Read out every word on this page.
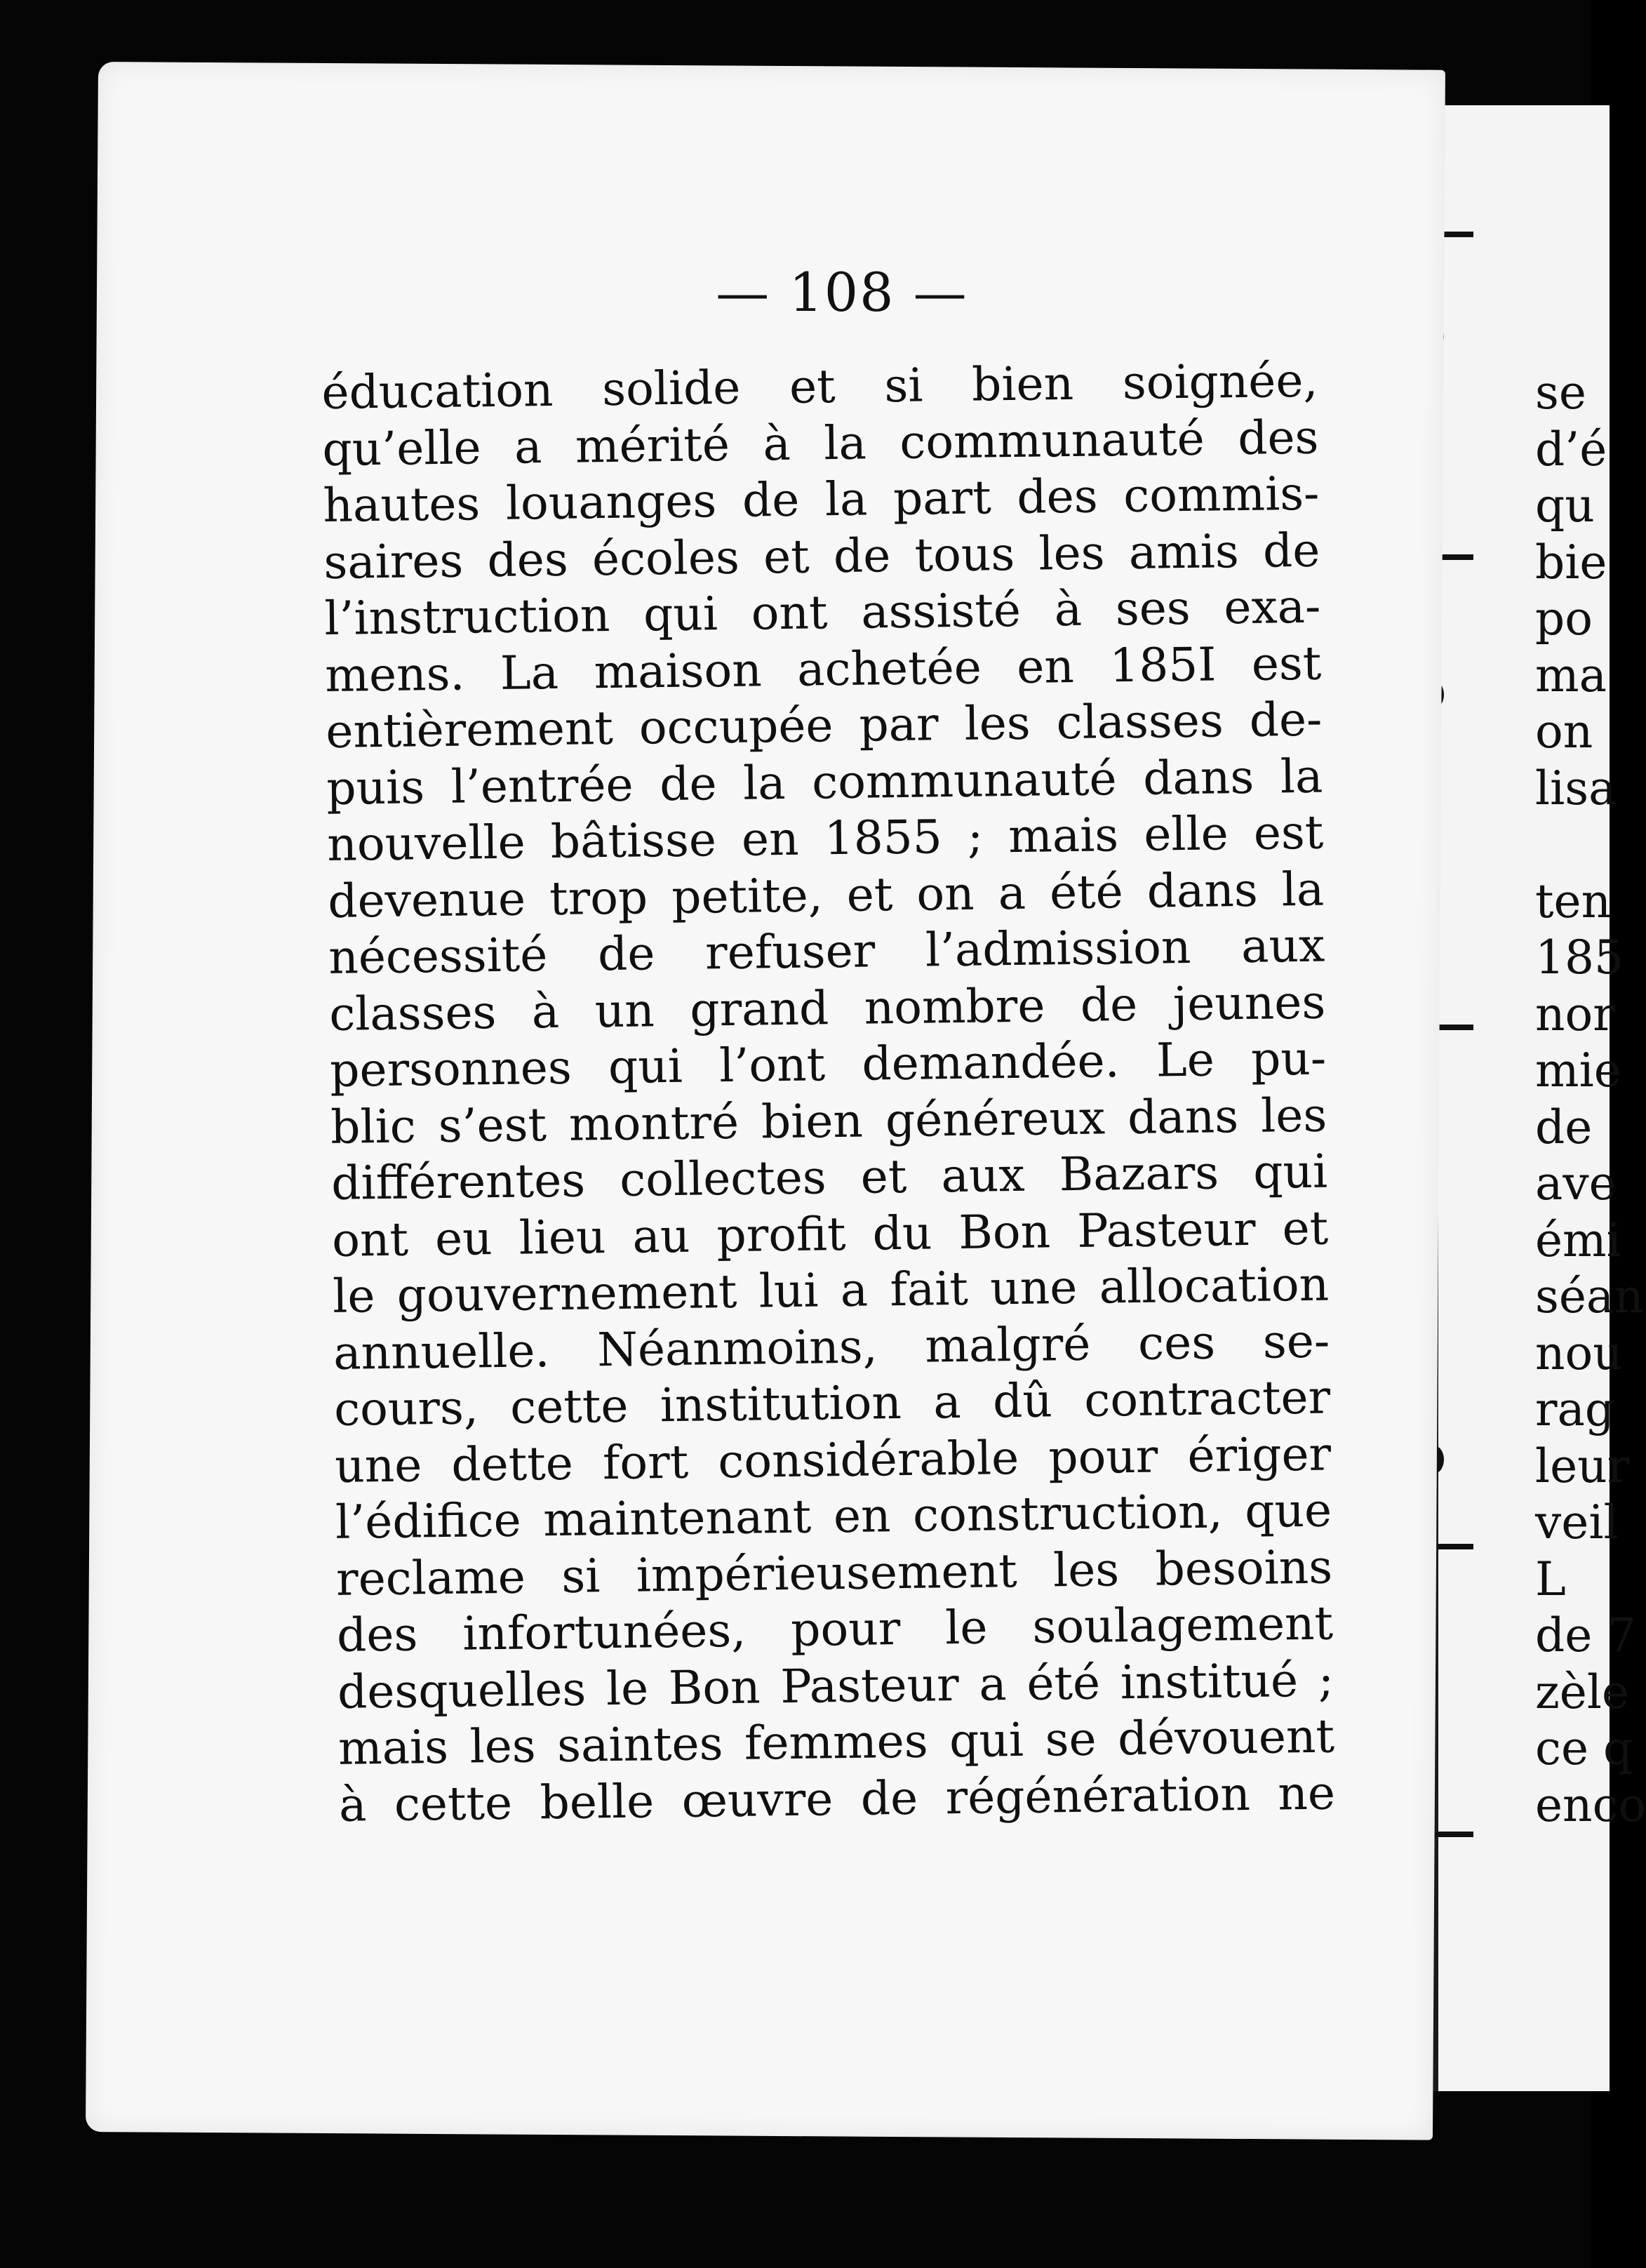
— 108 —
éducation solide et si bien soignée,
qu’elle a mérité à la communauté des
hautes louanges de la part des commis-
saires des écoles et de tous les amis de
l’instruction qui ont assisté à ses exa-
mens. La maison achetée en 185I est
entièrement occupée par les classes de-
puis l’entrée de la communauté dans la
nouvelle bâtisse en 1855 ; mais elle est
devenue trop petite, et on a été dans la
nécessité de refuser l’admission aux
classes à un grand nombre de jeunes
personnes qui l’ont demandée. Le pu-
blic s’est montré bien généreux dans les
différentes collectes et aux Bazars qui
ont eu lieu au profit du Bon Pasteur et
le gouvernement lui a fait une allocation
annuelle. Néanmoins, malgré ces se-
cours, cette institution a dû contracter
une dette fort considérable pour ériger
l’édifice maintenant en construction, que
reclame si impérieusement les besoins
des infortunées, pour le soulagement
desquelles le Bon Pasteur a été institué ;
mais les saintes femmes qui se dévouent
à cette belle œuvre de régénération ne
se
d’é
qu
bie
po
ma
on
lisa
ten
185
nor
mie
de
ave
émi
séan
nou
rag
leur
veil
L
de 7
zèle
ce q
enco
